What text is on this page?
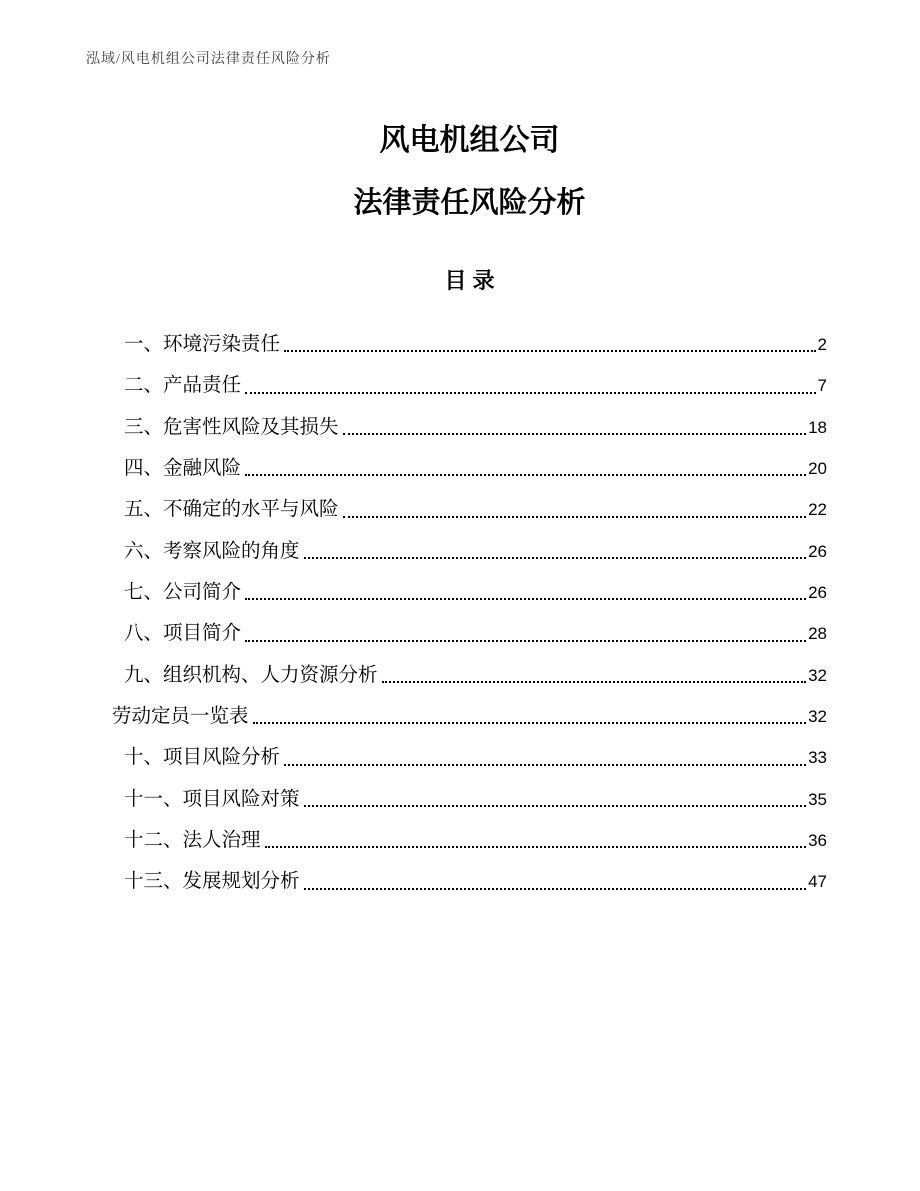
泓域/风电机组公司法律责任风险分析
风电机组公司
法律责任风险分析
目录
一、环境污染责任	2
二、产品责任	7
三、危害性风险及其损失	18
四、金融风险	20
五、不确定的水平与风险	22
六、考察风险的角度	26
七、公司简介	26
八、项目简介	28
九、组织机构、人力资源分析	32
劳动定员一览表	32
十、项目风险分析	33
十一、项目风险对策	35
十二、法人治理	36
十三、发展规划分析	47
